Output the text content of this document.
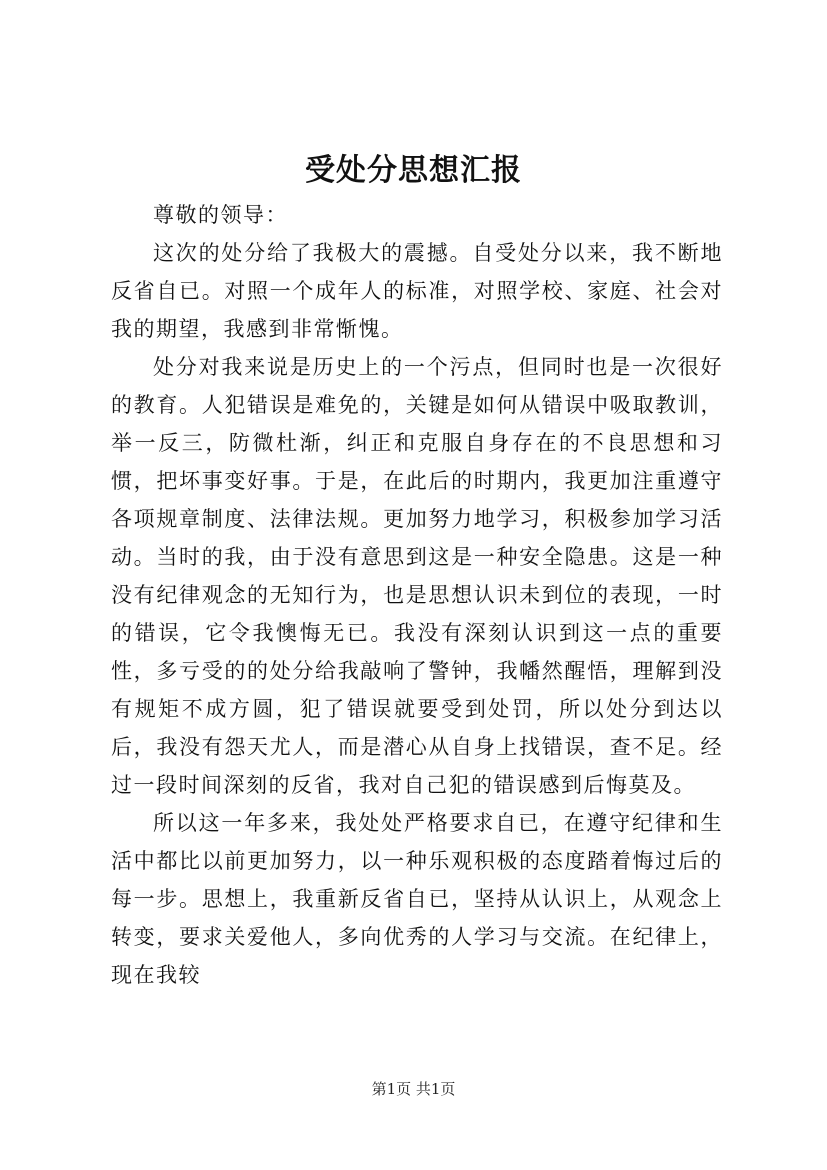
受处分思想汇报

尊敬的领导：

这次的处分给了我极大的震撼。自受处分以来，我不断地反省自已。对照一个成年人的标准，对照学校、家庭、社会对我的期望，我感到非常惭愧。

处分对我来说是历史上的一个污点，但同时也是一次很好的教育。人犯错误是难免的，关键是如何从错误中吸取教训，举一反三，防微杜渐，纠正和克服自身存在的不良思想和习惯，把坏事变好事。于是，在此后的时期内，我更加注重遵守各项规章制度、法律法规。更加努力地学习，积极参加学习活动。当时的我，由于没有意思到这是一种安全隐患。这是一种没有纪律观念的无知行为，也是思想认识未到位的表现，一时的错误，它令我懊悔无已。我没有深刻认识到这一点的重要性，多亏受的的处分给我敲响了警钟，我幡然醒悟，理解到没有规矩不成方圆，犯了错误就要受到处罚，所以处分到达以后，我没有怨天尤人，而是潜心从自身上找错误，查不足。经过一段时间深刻的反省，我对自己犯的错误感到后悔莫及。

所以这一年多来，我处处严格要求自已，在遵守纪律和生活中都比以前更加努力，以一种乐观积极的态度踏着悔过后的每一步。思想上，我重新反省自已，坚持从认识上，从观念上转变，要求关爱他人，多向优秀的人学习与交流。在纪律上，现在我较

第1页 共1页
